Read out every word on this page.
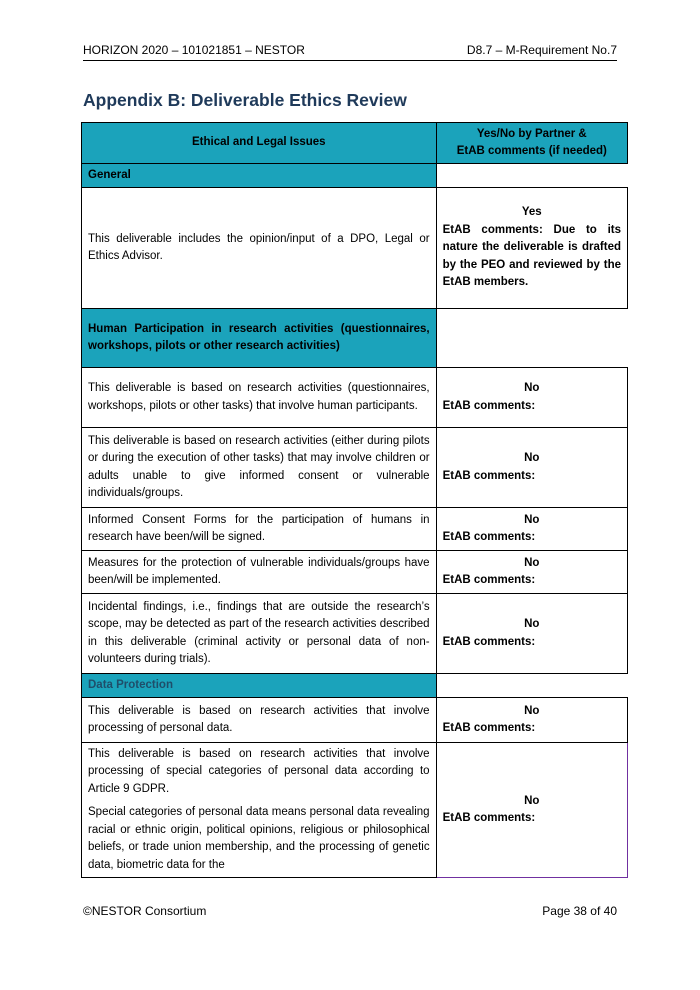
HORIZON 2020 – 101021851 – NESTOR	D8.7 – M-Requirement No.7
Appendix B: Deliverable Ethics Review
Ethical and Legal Issues	Yes/No by Partner &
EtAB comments (if needed)
General	
This deliverable includes the opinion/input of a DPO, Legal or Ethics Advisor.	Yes
EtAB comments: Due to its nature the deliverable is drafted by the PEO and reviewed by the EtAB members.

Human Participation in research activities (questionnaires, workshops, pilots or other research activities)	
This deliverable is based on research activities (questionnaires, workshops, pilots or other tasks) that involve human participants.	No
EtAB comments:

This deliverable is based on research activities (either during pilots or during the execution of other tasks) that may involve children or adults unable to give informed consent or vulnerable individuals/groups.	No
EtAB comments:

Informed Consent Forms for the participation of humans in research have been/will be signed.	No
EtAB comments:

Measures for the protection of vulnerable individuals/groups have been/will be implemented.	No
EtAB comments:

Incidental findings, i.e., findings that are outside the research’s scope, may be detected as part of the research activities described in this deliverable (criminal activity or personal data of non-volunteers during trials).	No
EtAB comments:

Data Protection	
This deliverable is based on research activities that involve processing of personal data.	No
EtAB comments:

This deliverable is based on research activities that involve processing of special categories of personal data according to Article 9 GDPR.
Special categories of personal data means personal data revealing racial or ethnic origin, political opinions, religious or philosophical beliefs, or trade union membership, and the processing of genetic data, biometric data for the	No
EtAB comments:
©NESTOR Consortium	Page 38 of 40
